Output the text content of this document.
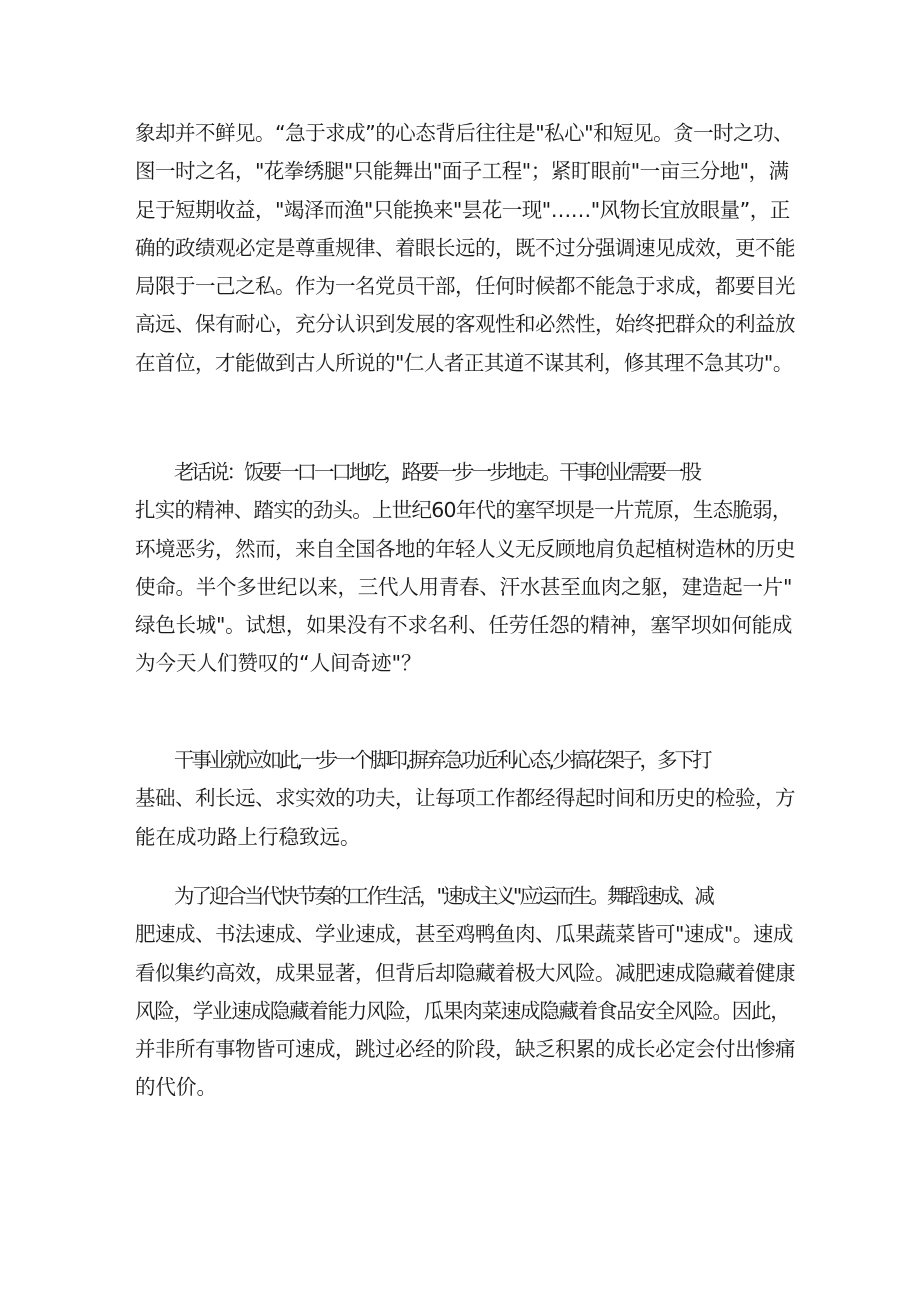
象却并不鲜见。“急于求成”的心态背后往往是"私心"和短见。贪一时之功、
图一时之名，"花拳绣腿"只能舞出"面子工程"；紧盯眼前"一亩三分地"，满
足于短期收益，"竭泽而渔"只能换来"昙花一现"……"风物长宜放眼量”，正
确的政绩观必定是尊重规律、着眼长远的，既不过分强调速见成效，更不能
局限于一己之私。作为一名党员干部，任何时候都不能急于求成，都要目光
高远、保有耐心，充分认识到发展的客观性和必然性，始终把群众的利益放
在首位，才能做到古人所说的"仁人者正其道不谋其利，修其理不急其功"。
老话说：饭要一口一口地吃，路要一步一步地走。干事创业需要一股
扎实的精神、踏实的劲头。上世纪60年代的塞罕坝是一片荒原，生态脆弱，
环境恶劣，然而，来自全国各地的年轻人义无反顾地肩负起植树造林的历史
使命。半个多世纪以来，三代人用青春、汗水甚至血肉之躯，建造起一片"
绿色长城"。试想，如果没有不求名利、任劳任怨的精神，塞罕坝如何能成
为今天人们赞叹的“人间奇迹"？
干事业就应如此,一步一个脚印,摒弃急功近利心态,少搞花架子，多下打
基础、利长远、求实效的功夫，让每项工作都经得起时间和历史的检验，方
能在成功路上行稳致远。
为了迎合当代快节奏的工作生活，"速成主义"应运而生。舞蹈速成、减
肥速成、书法速成、学业速成，甚至鸡鸭鱼肉、瓜果蔬菜皆可"速成"。速成
看似集约高效，成果显著，但背后却隐藏着极大风险。减肥速成隐藏着健康
风险，学业速成隐藏着能力风险，瓜果肉菜速成隐藏着食品安全风险。因此，
并非所有事物皆可速成，跳过必经的阶段，缺乏积累的成长必定会付出惨痛
的代价。
